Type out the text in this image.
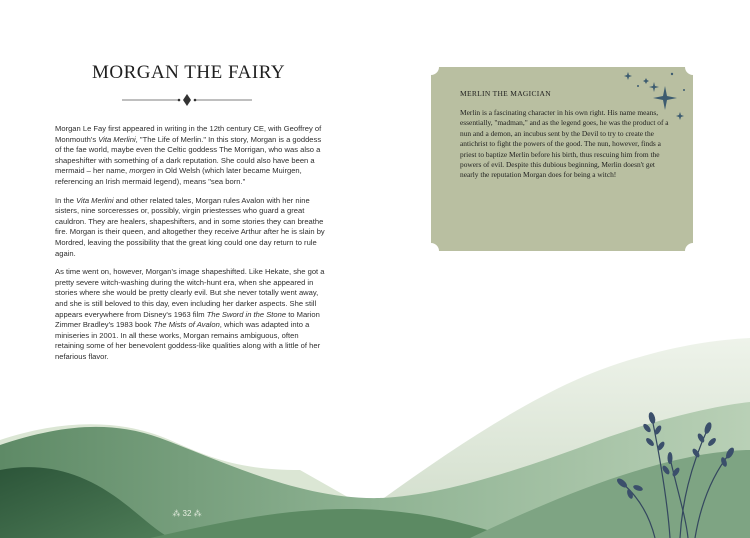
MORGAN THE FAIRY

Morgan Le Fay first appeared in writing in the 12th century CE, with Geoffrey of Monmouth's Vita Merlini, "The Life of Merlin." In this story, Morgan is a goddess of the fae world, maybe even the Celtic goddess The Morrigan, who was also a shapeshifter with something of a dark reputation. She could also have been a mermaid – her name, morgen in Old Welsh (which later became Muirgen, referencing an Irish mermaid legend), means "sea born."

In the Vita Merlini and other related tales, Morgan rules Avalon with her nine sisters, nine sorceresses or, possibly, virgin priestesses who guard a great cauldron. They are healers, shapeshifters, and in some stories they can breathe fire. Morgan is their queen, and altogether they receive Arthur after he is slain by Mordred, leaving the possibility that the great king could one day return to rule again.

As time went on, however, Morgan's image shapeshifted. Like Hekate, she got a pretty severe witch-washing during the witch-hunt era, when she appeared in stories where she would be pretty clearly evil. But she never totally went away, and she is still beloved to this day, even including her darker aspects. She still appears everywhere from Disney's 1963 film The Sword in the Stone to Marion Zimmer Bradley's 1983 book The Mists of Avalon, which was adapted into a miniseries in 2001. In all these works, Morgan remains ambiguous, often retaining some of her benevolent goddess-like qualities along with a little of her nefarious flavor.

⁂ 32 ⁂

MERLIN THE MAGICIAN

Merlin is a fascinating character in his own right. His name means, essentially, "madman," and as the legend goes, he was the product of a nun and a demon, an incubus sent by the Devil to try to create the antichrist to fight the powers of the good. The nun, however, finds a priest to baptize Merlin before his birth, thus rescuing him from the powers of evil. Despite this dubious beginning, Merlin doesn't get nearly the reputation Morgan does for being a witch!
